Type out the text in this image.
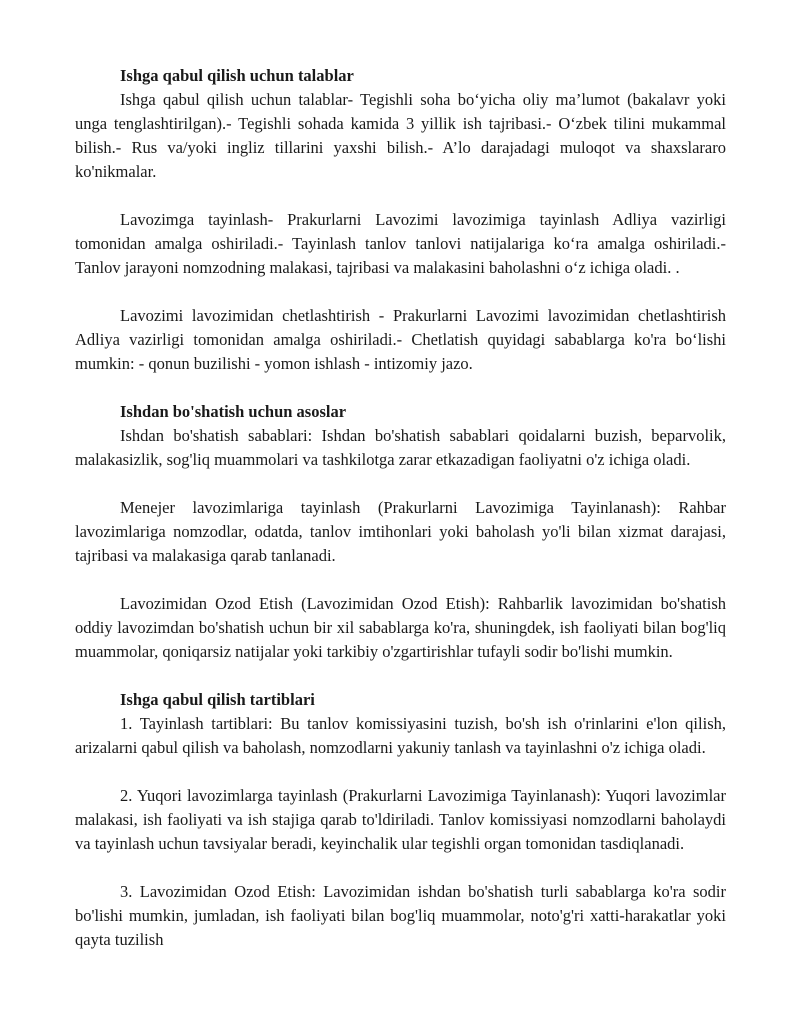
Ishga qabul qilish uchun talablar

Ishga qabul qilish uchun talablar- Tegishli soha bo‘yicha oliy ma’lumot (bakalavr yoki unga tenglashtirilgan).- Tegishli sohada kamida 3 yillik ish tajribasi.- O‘zbek tilini mukammal bilish.- Rus va/yoki ingliz tillarini yaxshi bilish.- A’lo darajadagi muloqot va shaxslararo ko'nikmalar.

Lavozimga tayinlash- Prakurlarni Lavozimi lavozimiga tayinlash Adliya vazirligi tomonidan amalga oshiriladi.- Tayinlash tanlov tanlovi natijalariga ko‘ra amalga oshiriladi.- Tanlov jarayoni nomzodning malakasi, tajribasi va malakasini baholashni o‘z ichiga oladi. .

Lavozimi lavozimidan chetlashtirish - Prakurlarni Lavozimi lavozimidan chetlashtirish Adliya vazirligi tomonidan amalga oshiriladi.- Chetlatish quyidagi sabablarga ko'ra bo‘lishi mumkin: - qonun buzilishi - yomon ishlash - intizomiy jazo.

Ishdan bo'shatish uchun asoslar

Ishdan bo'shatish sabablari: Ishdan bo'shatish sabablari qoidalarni buzish, beparvolik, malakasizlik, sog'liq muammolari va tashkilotga zarar etkazadigan faoliyatni o'z ichiga oladi.

Menejer lavozimlariga tayinlash (Prakurlarni Lavozimiga Tayinlanash): Rahbar lavozimlariga nomzodlar, odatda, tanlov imtihonlari yoki baholash yo'li bilan xizmat darajasi, tajribasi va malakasiga qarab tanlanadi.

Lavozimidan Ozod Etish (Lavozimidan Ozod Etish): Rahbarlik lavozimidan bo'shatish oddiy lavozimdan bo'shatish uchun bir xil sabablarga ko'ra, shuningdek, ish faoliyati bilan bog'liq muammolar, qoniqarsiz natijalar yoki tarkibiy o'zgartirishlar tufayli sodir bo'lishi mumkin.

Ishga qabul qilish tartiblari

1. Tayinlash tartiblari: Bu tanlov komissiyasini tuzish, bo'sh ish o'rinlarini e'lon qilish, arizalarni qabul qilish va baholash, nomzodlarni yakuniy tanlash va tayinlashni o'z ichiga oladi.

2. Yuqori lavozimlarga tayinlash (Prakurlarni Lavozimiga Tayinlanash): Yuqori lavozimlar malakasi, ish faoliyati va ish stajiga qarab to'ldiriladi. Tanlov komissiyasi nomzodlarni baholaydi va tayinlash uchun tavsiyalar beradi, keyinchalik ular tegishli organ tomonidan tasdiqlanadi.

3. Lavozimidan Ozod Etish: Lavozimidan ishdan bo'shatish turli sabablarga ko'ra sodir bo'lishi mumkin, jumladan, ish faoliyati bilan bog'liq muammolar, noto'g'ri xatti-harakatlar yoki qayta tuzilish
